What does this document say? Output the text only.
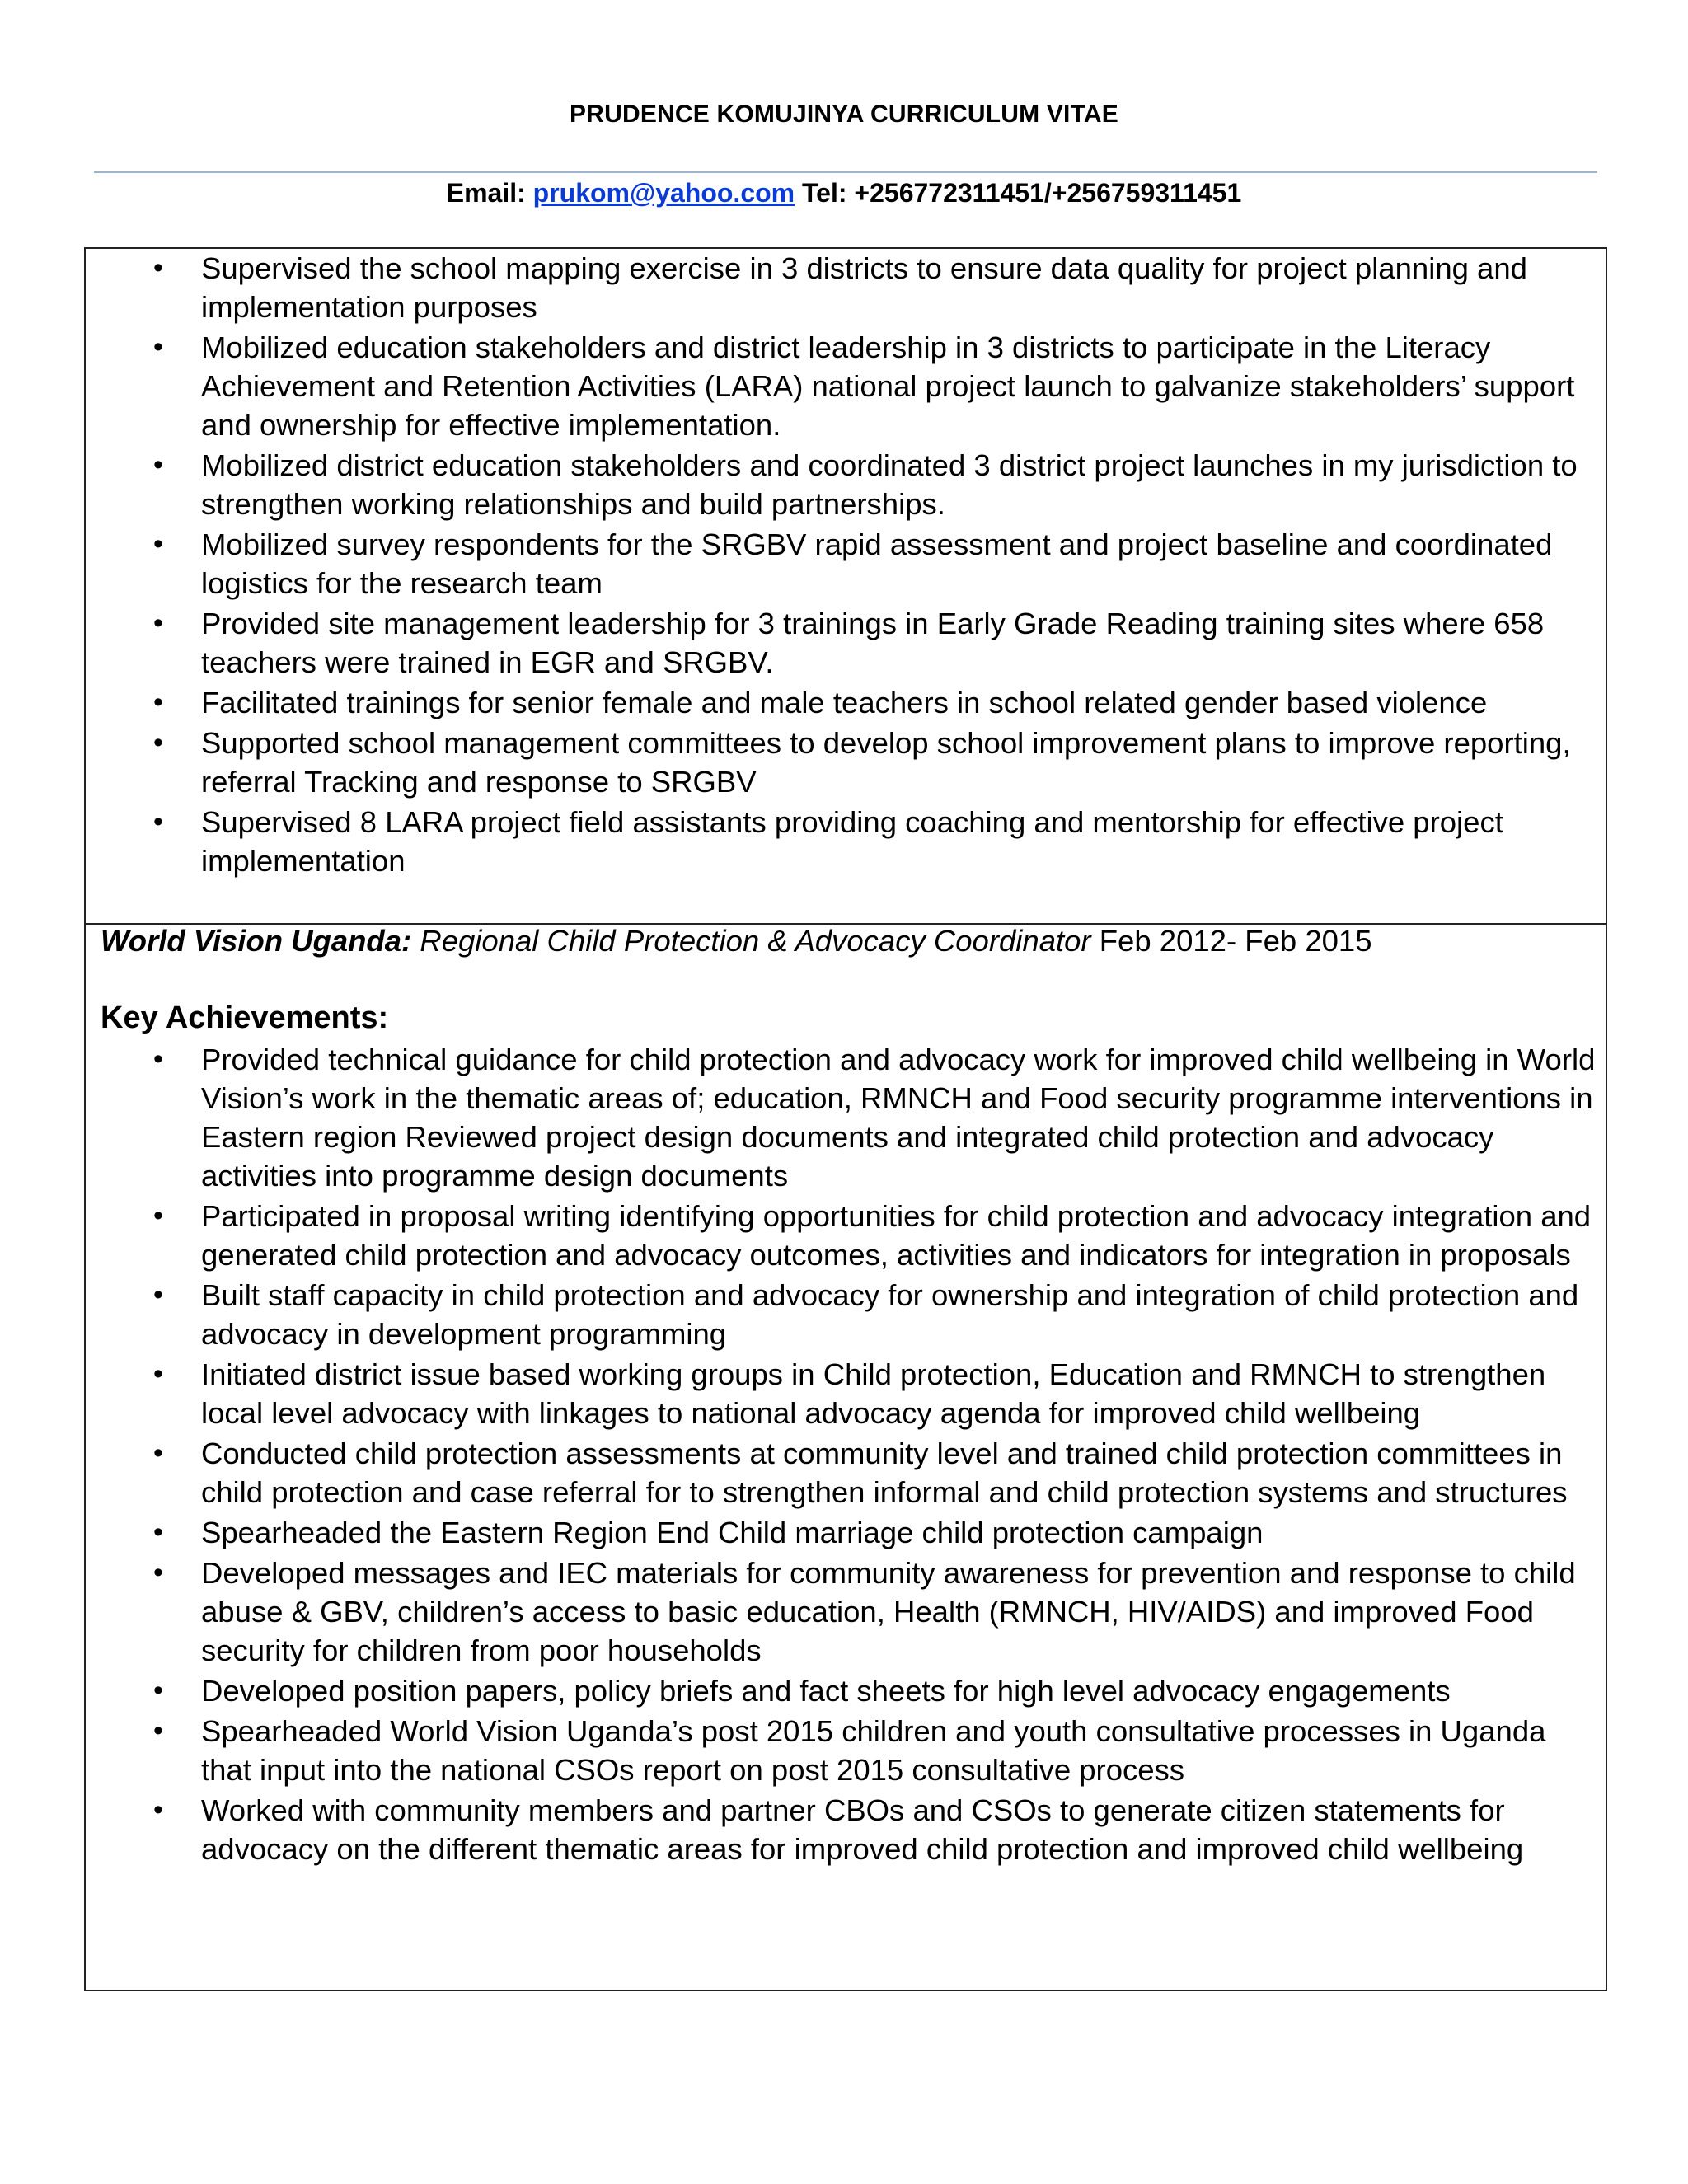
PRUDENCE KOMUJINYA CURRICULUM VITAE
Email: prukom@yahoo.com Tel: +256772311451/+256759311451
• Supervised the school mapping exercise in 3 districts to ensure data quality for project planning and implementation purposes
• Mobilized education stakeholders and district leadership in 3 districts to participate in the Literacy Achievement and Retention Activities (LARA) national project launch to galvanize stakeholders’ support and ownership for effective implementation.
• Mobilized district education stakeholders and coordinated 3 district project launches in my jurisdiction to strengthen working relationships and build partnerships.
• Mobilized survey respondents for the SRGBV rapid assessment and project baseline and coordinated logistics for the research team
• Provided site management leadership for 3 trainings in Early Grade Reading training sites where 658 teachers were trained in EGR and SRGBV.
• Facilitated trainings for senior female and male teachers in school related gender based violence
• Supported school management committees to develop school improvement plans to improve reporting, referral Tracking and response to SRGBV
• Supervised 8 LARA project field assistants providing coaching and mentorship for effective project implementation
World Vision Uganda: Regional Child Protection & Advocacy Coordinator Feb 2012- Feb 2015
Key Achievements:
• Provided technical guidance for child protection and advocacy work for improved child wellbeing in World Vision’s work in the thematic areas of; education, RMNCH and Food security programme interventions in Eastern region Reviewed project design documents and integrated child protection and advocacy activities into programme design documents
• Participated in proposal writing identifying opportunities for child protection and advocacy integration and generated child protection and advocacy outcomes, activities and indicators for integration in proposals
• Built staff capacity in child protection and advocacy for ownership and integration of child protection and advocacy in development programming
• Initiated district issue based working groups in Child protection, Education and RMNCH to strengthen local level advocacy with linkages to national advocacy agenda for improved child wellbeing
• Conducted child protection assessments at community level and trained child protection committees in child protection and case referral for to strengthen informal and child protection systems and structures
• Spearheaded the Eastern Region End Child marriage child protection campaign
• Developed messages and IEC materials for community awareness for prevention and response to child abuse & GBV, children’s access to basic education, Health (RMNCH, HIV/AIDS) and improved Food security for children from poor households
• Developed position papers, policy briefs and fact sheets for high level advocacy engagements
• Spearheaded World Vision Uganda’s post 2015 children and youth consultative processes in Uganda that input into the national CSOs report on post 2015 consultative process
• Worked with community members and partner CBOs and CSOs to generate citizen statements for advocacy on the different thematic areas for improved child protection and improved child wellbeing
